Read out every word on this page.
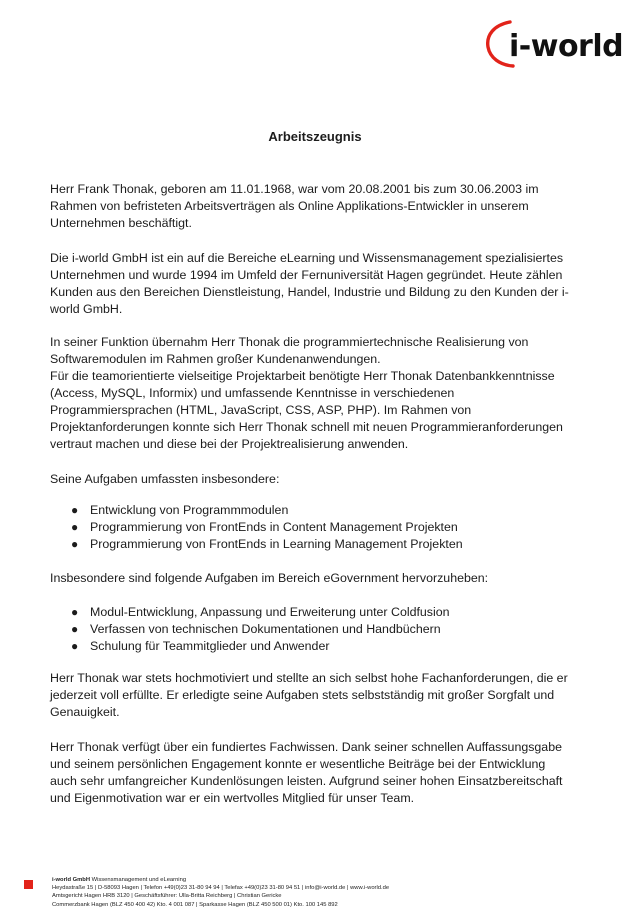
i-world
Arbeitszeugnis
Herr Frank Thonak, geboren am 11.01.1968, war vom 20.08.2001 bis zum 30.06.2003 im
Rahmen von befristeten Arbeitsverträgen als Online Applikations-Entwickler in unserem
Unternehmen beschäftigt.
Die i-world GmbH ist ein auf die Bereiche eLearning und Wissensmanagement spezialisiertes
Unternehmen und wurde 1994 im Umfeld der Fernuniversität Hagen gegründet. Heute zählen
Kunden aus den Bereichen Dienstleistung, Handel, Industrie und Bildung zu den Kunden der i-
world GmbH.
In seiner Funktion übernahm Herr Thonak die programmiertechnische Realisierung von
Softwaremodulen im Rahmen großer Kundenanwendungen.
Für die teamorientierte vielseitige Projektarbeit benötigte Herr Thonak Datenbankkenntnisse
(Access, MySQL, Informix) und umfassende Kenntnisse in verschiedenen
Programmiersprachen (HTML, JavaScript, CSS, ASP, PHP). Im Rahmen von
Projektanforderungen konnte sich Herr Thonak schnell mit neuen Programmieranforderungen
vertraut machen und diese bei der Projektrealisierung anwenden.
Seine Aufgaben umfassten insbesondere:
● Entwicklung von Programmmodulen
● Programmierung von FrontEnds in Content Management Projekten
● Programmierung von FrontEnds in Learning Management Projekten
Insbesondere sind folgende Aufgaben im Bereich eGovernment hervorzuheben:
● Modul-Entwicklung, Anpassung und Erweiterung unter Coldfusion
● Verfassen von technischen Dokumentationen und Handbüchern
● Schulung für Teammitglieder und Anwender
Herr Thonak war stets hochmotiviert und stellte an sich selbst hohe Fachanforderungen, die er
jederzeit voll erfüllte. Er erledigte seine Aufgaben stets selbstständig mit großer Sorgfalt und
Genauigkeit.
Herr Thonak verfügt über ein fundiertes Fachwissen. Dank seiner schnellen Auffassungsgabe
und seinem persönlichen Engagement konnte er wesentliche Beiträge bei der Entwicklung
auch sehr umfangreicher Kundenlösungen leisten. Aufgrund seiner hohen Einsatzbereitschaft
und Eigenmotivation war er ein wertvolles Mitglied für unser Team.
i-world GmbH Wissensmanagement und eLearning
Heydastraße 15 | D-58093 Hagen | Telefon +49(0)23 31-80 94 94 | Telefax +49(0)23 31-80 94 51 | info@i-world.de | www.i-world.de
Amtsgericht Hagen HRB 3120 | Geschäftsführer: Ulla-Britta Reichberg | Christian Gericke
Commerzbank Hagen (BLZ 450 400 42) Kto. 4 001 087 | Sparkasse Hagen (BLZ 450 500 01) Kto. 100 145 892
